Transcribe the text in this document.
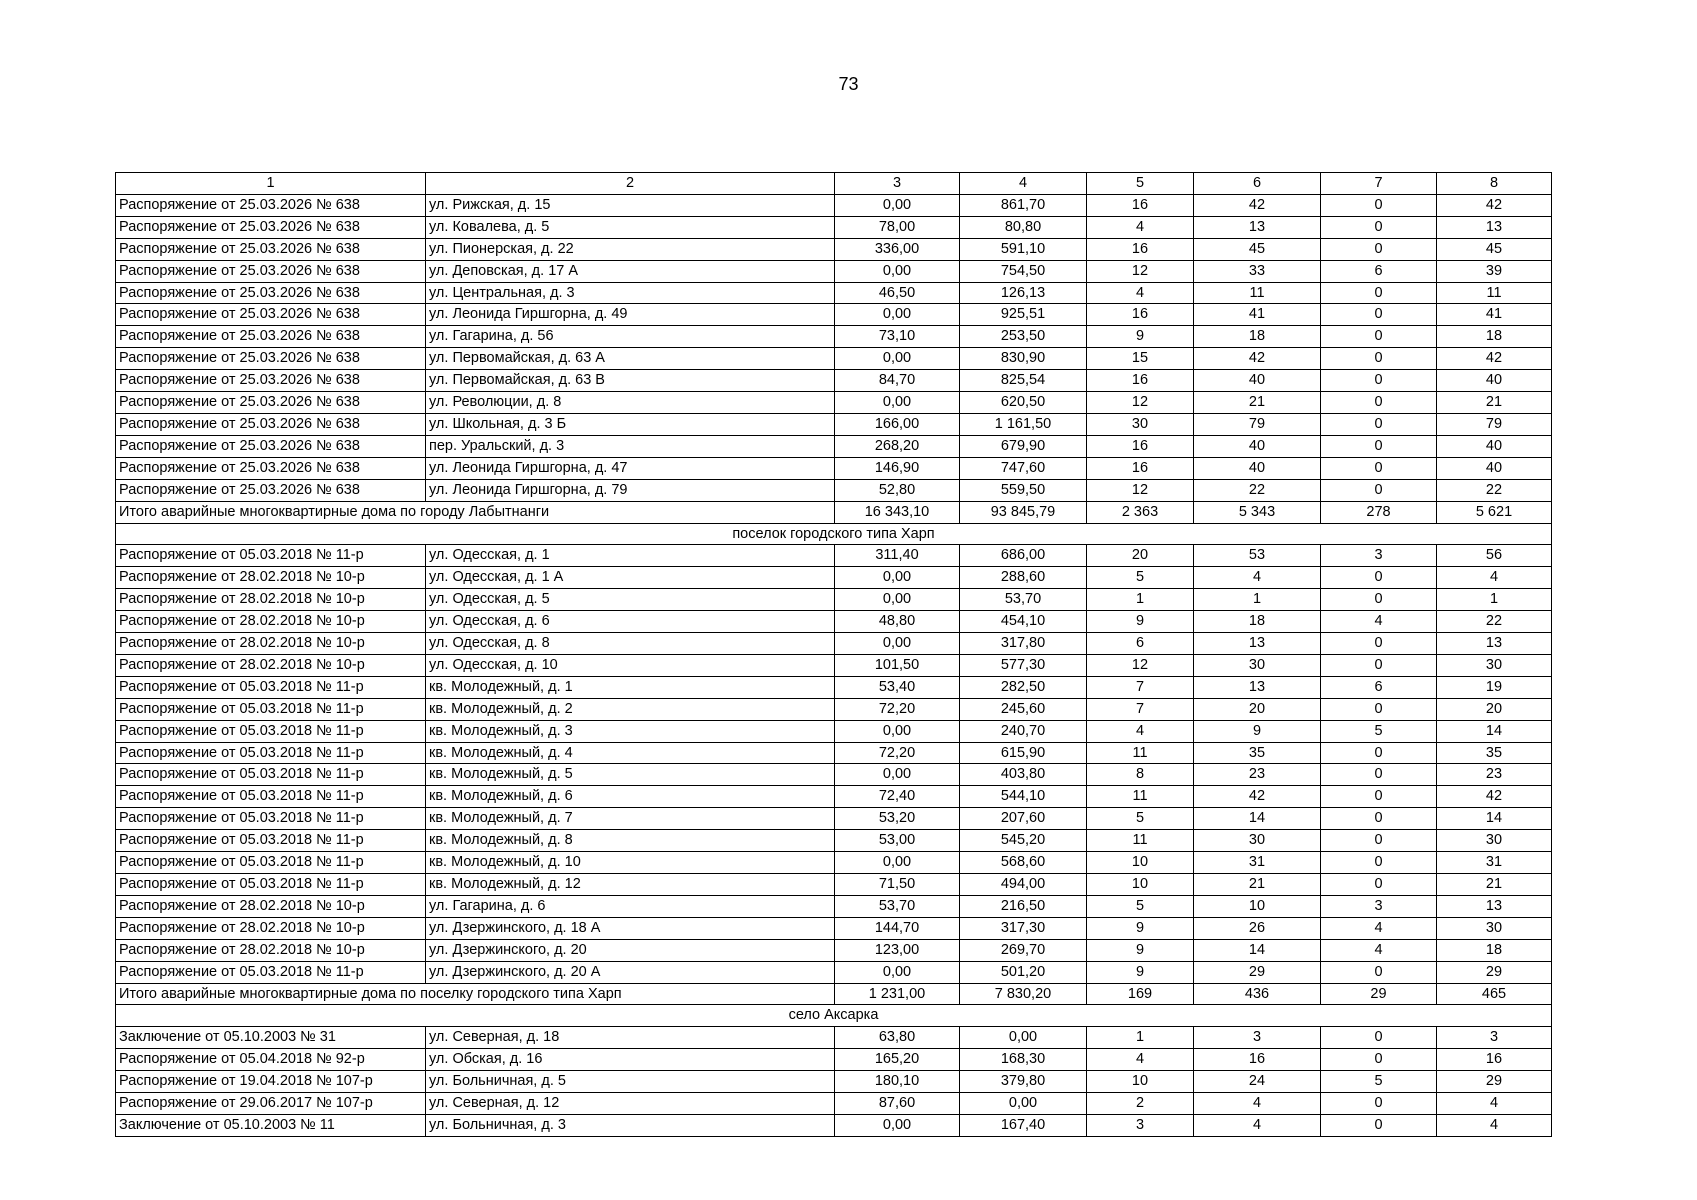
73
1	2	3	4	5	6	7	8
Распоряжение от 25.03.2026 № 638	ул. Рижская, д. 15	0,00	861,70	16	42	0	42
Распоряжение от 25.03.2026 № 638	ул. Ковалева, д. 5	78,00	80,80	4	13	0	13
Распоряжение от 25.03.2026 № 638	ул. Пионерская, д. 22	336,00	591,10	16	45	0	45
Распоряжение от 25.03.2026 № 638	ул. Деповская, д. 17 А	0,00	754,50	12	33	6	39
Распоряжение от 25.03.2026 № 638	ул. Центральная, д. 3	46,50	126,13	4	11	0	11
Распоряжение от 25.03.2026 № 638	ул. Леонида Гиршгорна, д. 49	0,00	925,51	16	41	0	41
Распоряжение от 25.03.2026 № 638	ул. Гагарина, д. 56	73,10	253,50	9	18	0	18
Распоряжение от 25.03.2026 № 638	ул. Первомайская, д. 63 А	0,00	830,90	15	42	0	42
Распоряжение от 25.03.2026 № 638	ул. Первомайская, д. 63 В	84,70	825,54	16	40	0	40
Распоряжение от 25.03.2026 № 638	ул. Революции, д. 8	0,00	620,50	12	21	0	21
Распоряжение от 25.03.2026 № 638	ул. Школьная, д. 3 Б	166,00	1 161,50	30	79	0	79
Распоряжение от 25.03.2026 № 638	пер. Уральский, д. 3	268,20	679,90	16	40	0	40
Распоряжение от 25.03.2026 № 638	ул. Леонида Гиршгорна, д. 47	146,90	747,60	16	40	0	40
Распоряжение от 25.03.2026 № 638	ул. Леонида Гиршгорна, д. 79	52,80	559,50	12	22	0	22
Итого аварийные многоквартирные дома по городу Лабытнанги		16 343,10	93 845,79	2 363	5 343	278	5 621
поселок городского типа Харп							
Распоряжение от 05.03.2018 № 11-р	ул. Одесская, д. 1	311,40	686,00	20	53	3	56
Распоряжение от 28.02.2018 № 10-р	ул. Одесская, д. 1 А	0,00	288,60	5	4	0	4
Распоряжение от 28.02.2018 № 10-р	ул. Одесская, д. 5	0,00	53,70	1	1	0	1
Распоряжение от 28.02.2018 № 10-р	ул. Одесская, д. 6	48,80	454,10	9	18	4	22
Распоряжение от 28.02.2018 № 10-р	ул. Одесская, д. 8	0,00	317,80	6	13	0	13
Распоряжение от 28.02.2018 № 10-р	ул. Одесская, д. 10	101,50	577,30	12	30	0	30
Распоряжение от 05.03.2018 № 11-р	кв. Молодежный, д. 1	53,40	282,50	7	13	6	19
Распоряжение от 05.03.2018 № 11-р	кв. Молодежный, д. 2	72,20	245,60	7	20	0	20
Распоряжение от 05.03.2018 № 11-р	кв. Молодежный, д. 3	0,00	240,70	4	9	5	14
Распоряжение от 05.03.2018 № 11-р	кв. Молодежный, д. 4	72,20	615,90	11	35	0	35
Распоряжение от 05.03.2018 № 11-р	кв. Молодежный, д. 5	0,00	403,80	8	23	0	23
Распоряжение от 05.03.2018 № 11-р	кв. Молодежный, д. 6	72,40	544,10	11	42	0	42
Распоряжение от 05.03.2018 № 11-р	кв. Молодежный, д. 7	53,20	207,60	5	14	0	14
Распоряжение от 05.03.2018 № 11-р	кв. Молодежный, д. 8	53,00	545,20	11	30	0	30
Распоряжение от 05.03.2018 № 11-р	кв. Молодежный, д. 10	0,00	568,60	10	31	0	31
Распоряжение от 05.03.2018 № 11-р	кв. Молодежный, д. 12	71,50	494,00	10	21	0	21
Распоряжение от 28.02.2018 № 10-р	ул. Гагарина, д. 6	53,70	216,50	5	10	3	13
Распоряжение от 28.02.2018 № 10-р	ул. Дзержинского, д. 18 А	144,70	317,30	9	26	4	30
Распоряжение от 28.02.2018 № 10-р	ул. Дзержинского, д. 20	123,00	269,70	9	14	4	18
Распоряжение от 05.03.2018 № 11-р	ул. Дзержинского, д. 20 А	0,00	501,20	9	29	0	29
Итого аварийные многоквартирные дома по поселку городского типа Харп		1 231,00	7 830,20	169	436	29	465
село Аксарка							
Заключение от 05.10.2003 № 31	ул. Северная, д. 18	63,80	0,00	1	3	0	3
Распоряжение от 05.04.2018 № 92-р	ул. Обская, д. 16	165,20	168,30	4	16	0	16
Распоряжение от 19.04.2018 № 107-р	ул. Больничная, д. 5	180,10	379,80	10	24	5	29
Распоряжение от 29.06.2017 № 107-р	ул. Северная, д. 12	87,60	0,00	2	4	0	4
Заключение от 05.10.2003 № 11	ул. Больничная, д. 3	0,00	167,40	3	4	0	4
